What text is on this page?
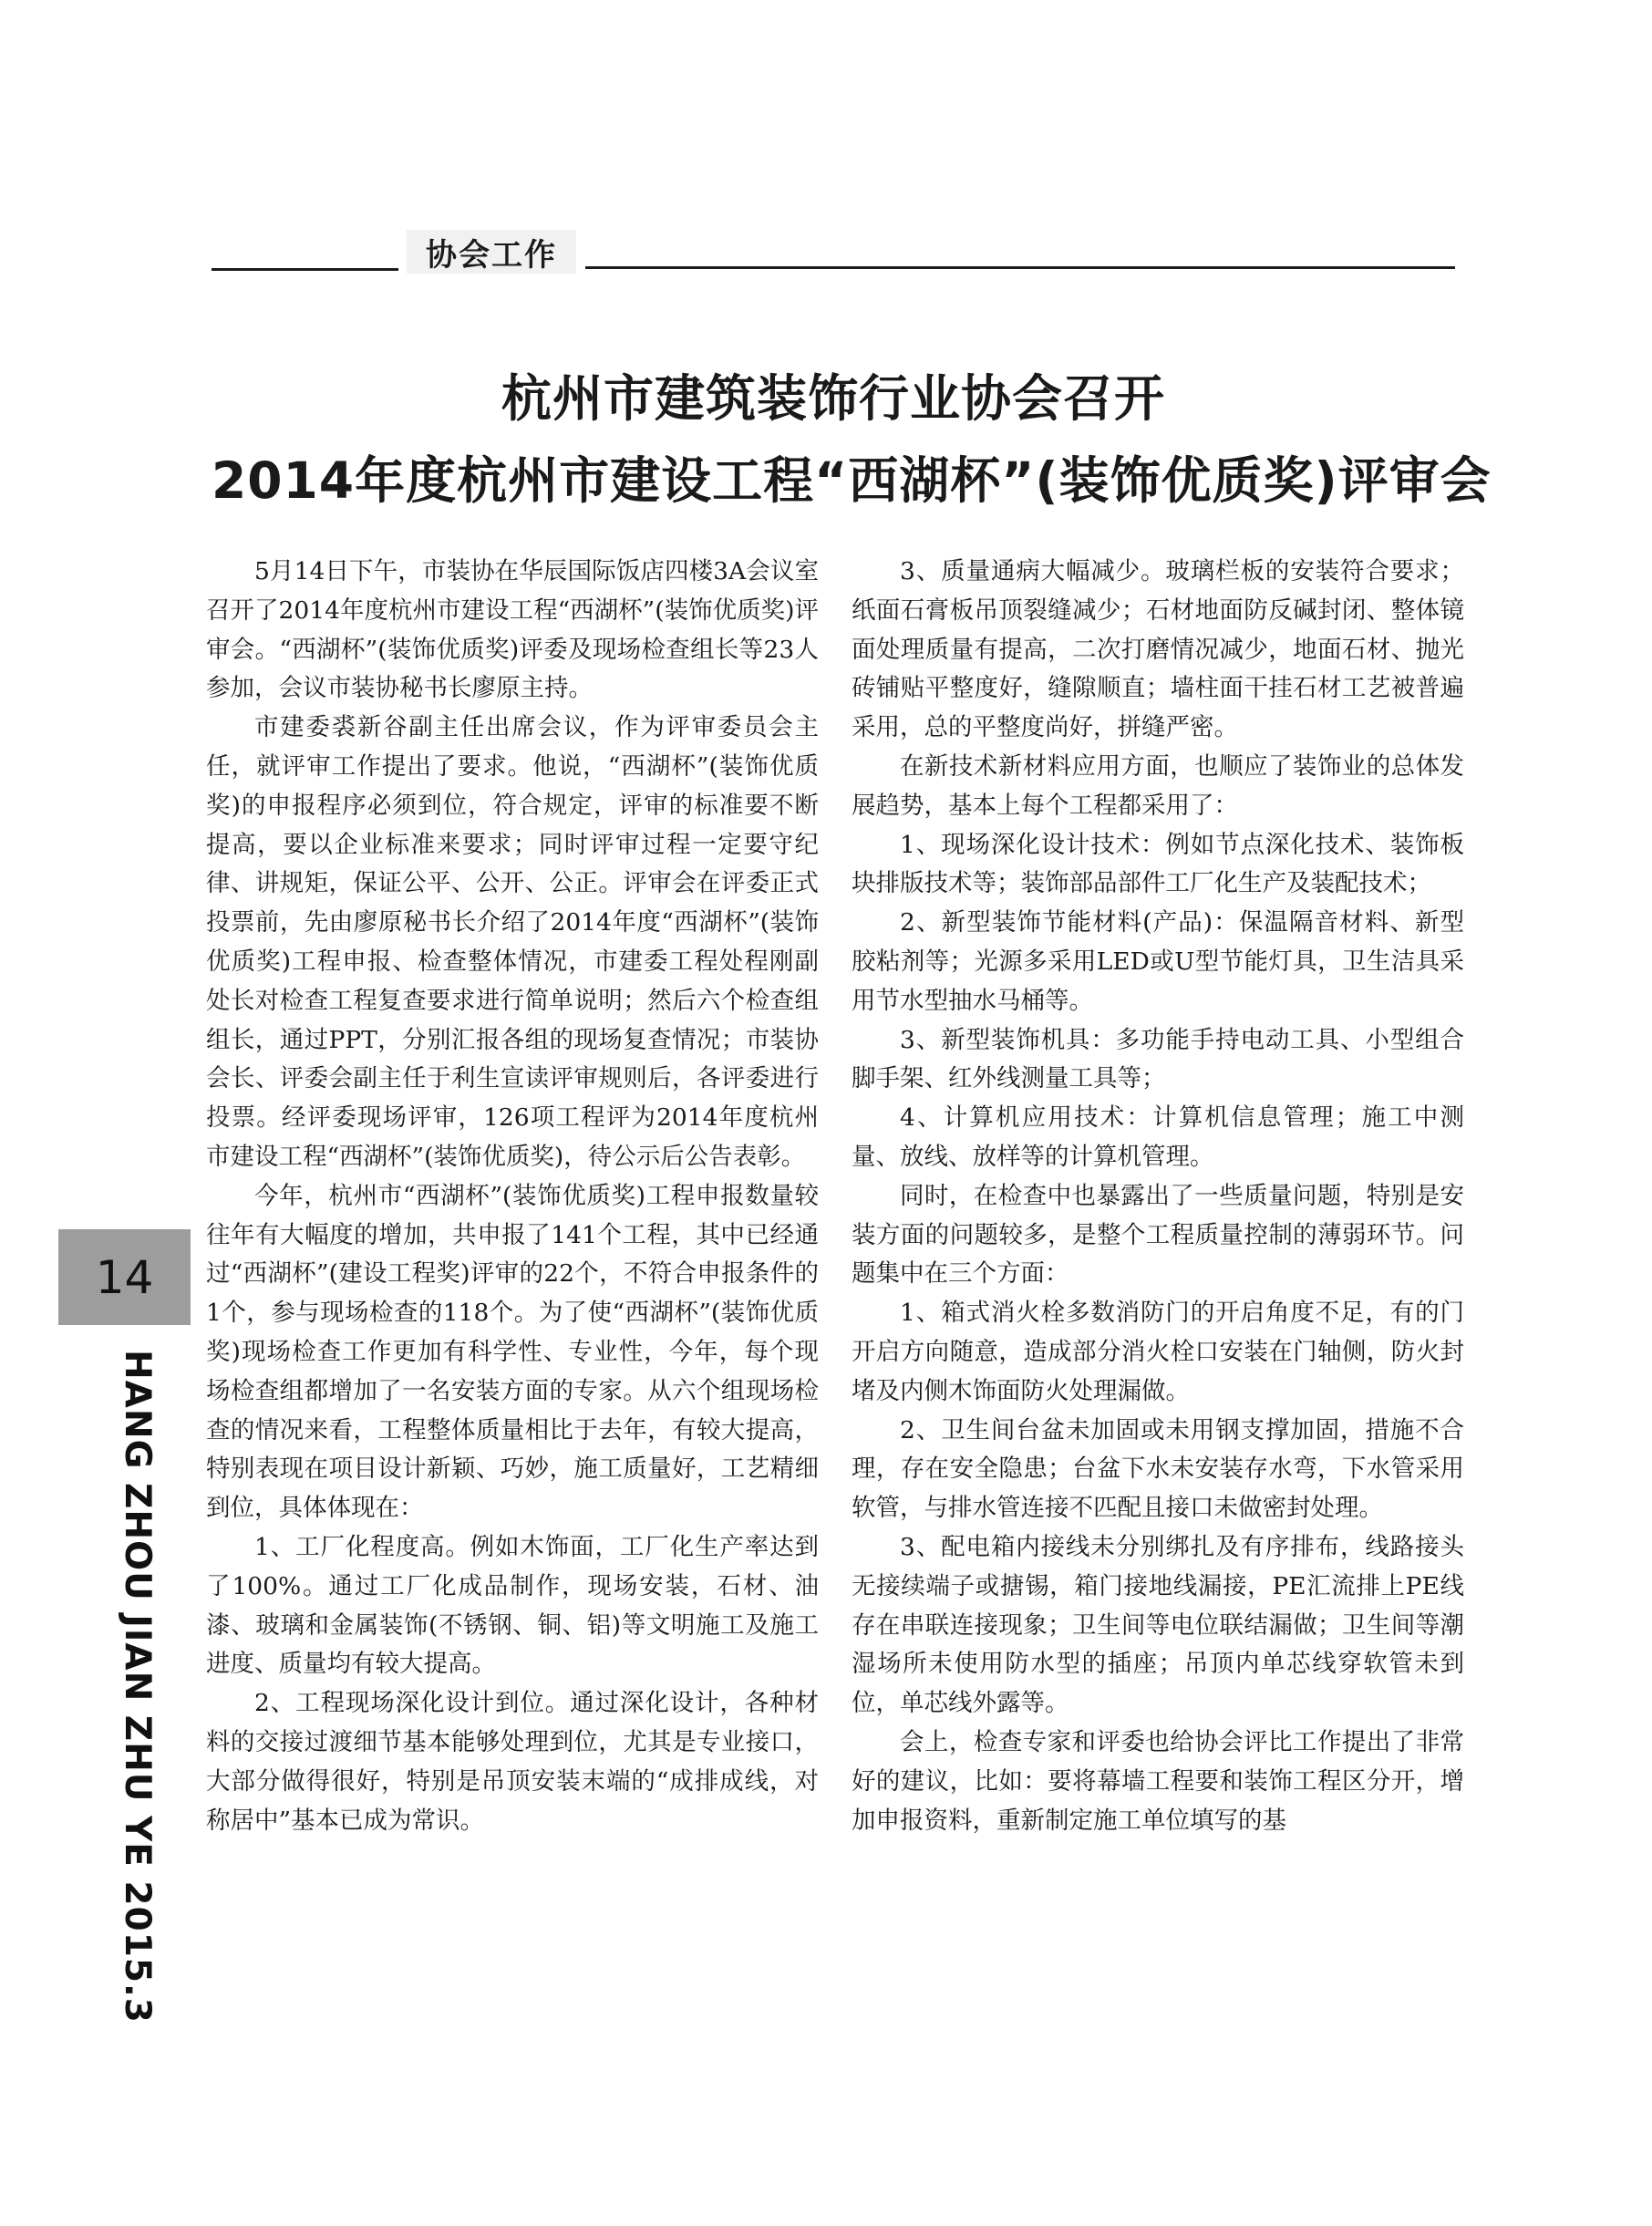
协会工作
杭州市建筑装饰行业协会召开
2014年度杭州市建设工程“西湖杯”(装饰优质奖)评审会

5月14日下午，市装协在华辰国际饭店四楼3A会议室召开了2014年度杭州市建设工程“西湖杯”(装饰优质奖)评审会。“西湖杯”(装饰优质奖)评委及现场检查组长等23人参加，会议市装协秘书长廖原主持。

市建委裘新谷副主任出席会议，作为评审委员会主任，就评审工作提出了要求。他说，“西湖杯”(装饰优质奖)的申报程序必须到位，符合规定，评审的标准要不断提高，要以企业标准来要求；同时评审过程一定要守纪律、讲规矩，保证公平、公开、公正。评审会在评委正式投票前，先由廖原秘书长介绍了2014年度“西湖杯”(装饰优质奖)工程申报、检查整体情况，市建委工程处程刚副处长对检查工程复查要求进行简单说明；然后六个检查组组长，通过PPT，分别汇报各组的现场复查情况；市装协会长、评委会副主任于利生宣读评审规则后，各评委进行投票。经评委现场评审，126项工程评为2014年度杭州市建设工程“西湖杯”(装饰优质奖)，待公示后公告表彰。

今年，杭州市“西湖杯”(装饰优质奖)工程申报数量较往年有大幅度的增加，共申报了141个工程，其中已经通过“西湖杯”(建设工程奖)评审的22个，不符合申报条件的1个，参与现场检查的118个。为了使“西湖杯”(装饰优质奖)现场检查工作更加有科学性、专业性，今年，每个现场检查组都增加了一名安装方面的专家。从六个组现场检查的情况来看，工程整体质量相比于去年，有较大提高，特别表现在项目设计新颖、巧妙，施工质量好，工艺精细到位，具体体现在：

1、工厂化程度高。例如木饰面，工厂化生产率达到了100%。通过工厂化成品制作，现场安装，石材、油漆、玻璃和金属装饰(不锈钢、铜、铝)等文明施工及施工进度、质量均有较大提高。

2、工程现场深化设计到位。通过深化设计，各种材料的交接过渡细节基本能够处理到位，尤其是专业接口，大部分做得很好，特别是吊顶安装末端的“成排成线，对称居中”基本已成为常识。

3、质量通病大幅减少。玻璃栏板的安装符合要求；纸面石膏板吊顶裂缝减少；石材地面防反碱封闭、整体镜面处理质量有提高，二次打磨情况减少，地面石材、抛光砖铺贴平整度好，缝隙顺直；墙柱面干挂石材工艺被普遍采用，总的平整度尚好，拼缝严密。

在新技术新材料应用方面，也顺应了装饰业的总体发展趋势，基本上每个工程都采用了：

1、现场深化设计技术：例如节点深化技术、装饰板块排版技术等；装饰部品部件工厂化生产及装配技术；

2、新型装饰节能材料(产品)：保温隔音材料、新型胶粘剂等；光源多采用LED或U型节能灯具，卫生洁具采用节水型抽水马桶等。

3、新型装饰机具：多功能手持电动工具、小型组合脚手架、红外线测量工具等；

4、计算机应用技术：计算机信息管理；施工中测量、放线、放样等的计算机管理。

同时，在检查中也暴露出了一些质量问题，特别是安装方面的问题较多，是整个工程质量控制的薄弱环节。问题集中在三个方面：

1、箱式消火栓多数消防门的开启角度不足，有的门开启方向随意，造成部分消火栓口安装在门轴侧，防火封堵及内侧木饰面防火处理漏做。

2、卫生间台盆未加固或未用钢支撑加固，措施不合理，存在安全隐患；台盆下水未安装存水弯，下水管采用软管，与排水管连接不匹配且接口未做密封处理。

3、配电箱内接线未分别绑扎及有序排布，线路接头无接续端子或搪锡，箱门接地线漏接，PE汇流排上PE线存在串联连接现象；卫生间等电位联结漏做；卫生间等潮湿场所未使用防水型的插座；吊顶内单芯线穿软管未到位，单芯线外露等。

会上，检查专家和评委也给协会评比工作提出了非常好的建议，比如：要将幕墙工程要和装饰工程区分开，增加申报资料，重新制定施工单位填写的基

14
HANG ZHOU JIAN ZHU YE 2015.3
